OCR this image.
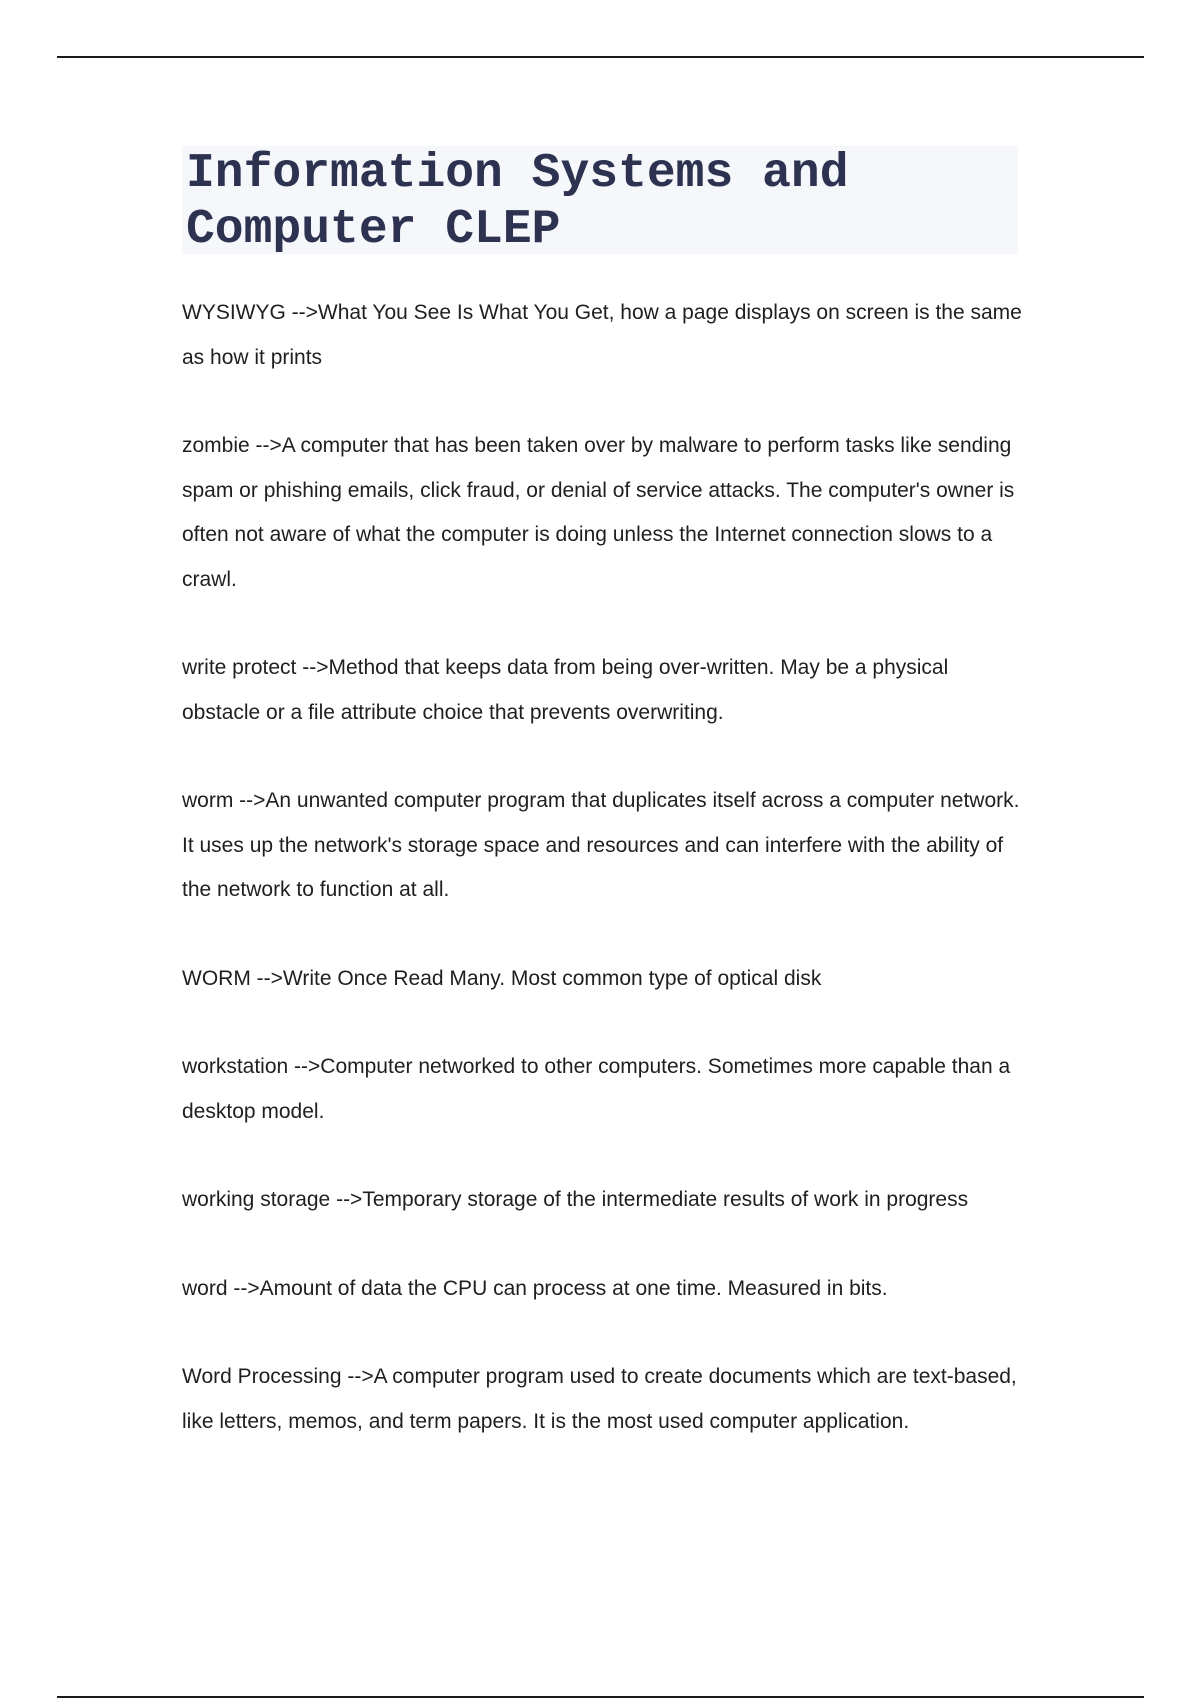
Information Systems and Computer CLEP

WYSIWYG -->What You See Is What You Get, how a page displays on screen is the same as how it prints

zombie -->A computer that has been taken over by malware to perform tasks like sending spam or phishing emails, click fraud, or denial of service attacks. The computer's owner is often not aware of what the computer is doing unless the Internet connection slows to a crawl.

write protect -->Method that keeps data from being over-written. May be a physical obstacle or a file attribute choice that prevents overwriting.

worm -->An unwanted computer program that duplicates itself across a computer network. It uses up the network's storage space and resources and can interfere with the ability of the network to function at all.

WORM -->Write Once Read Many. Most common type of optical disk

workstation -->Computer networked to other computers. Sometimes more capable than a desktop model.

working storage -->Temporary storage of the intermediate results of work in progress

word -->Amount of data the CPU can process at one time. Measured in bits.

Word Processing -->A computer program used to create documents which are text-based, like letters, memos, and term papers. It is the most used computer application.
